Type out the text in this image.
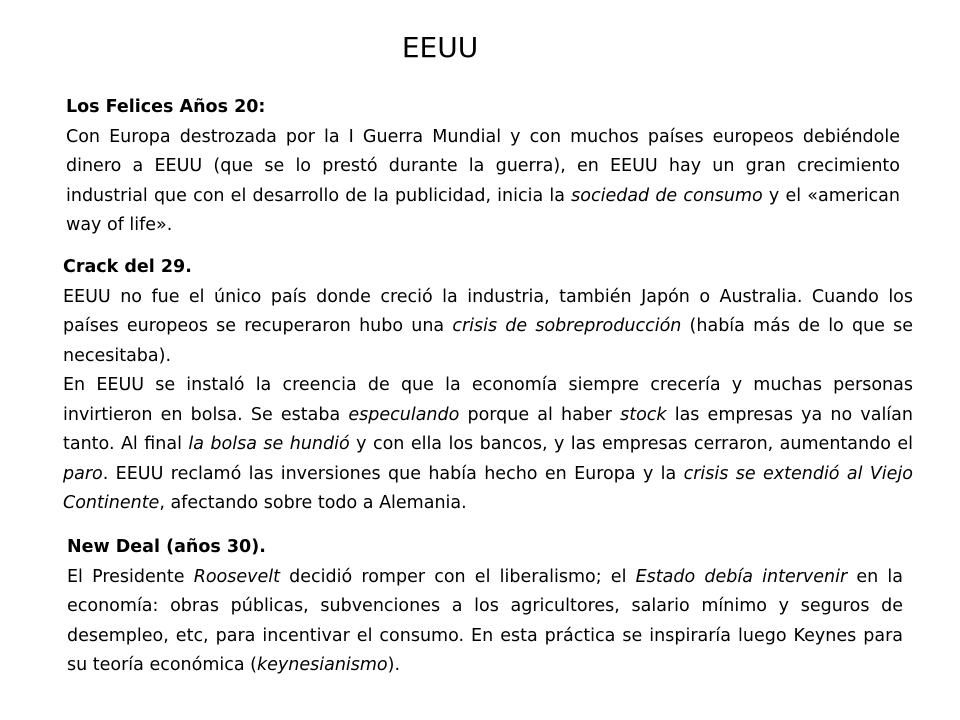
EEUU
Los Felices Años 20:

Con Europa destrozada por la I Guerra Mundial y con muchos países europeos debiéndole dinero a EEUU (que se lo prestó durante la guerra), en EEUU hay un gran crecimiento industrial que con el desarrollo de la publicidad, inicia la sociedad de consumo y el «american way of life».

Crack del 29.

EEUU no fue el único país donde creció la industria, también Japón o Australia. Cuando los países europeos se recuperaron hubo una crisis de sobreproducción (había más de lo que se necesitaba).

En EEUU se instaló la creencia de que la economía siempre crecería y muchas personas invirtieron en bolsa. Se estaba especulando porque al haber stock las empresas ya no valían tanto. Al final la bolsa se hundió y con ella los bancos, y las empresas cerraron, aumentando el paro. EEUU reclamó las inversiones que había hecho en Europa y la crisis se extendió al Viejo Continente, afectando sobre todo a Alemania.

New Deal (años 30).

El Presidente Roosevelt decidió romper con el liberalismo; el Estado debía intervenir en la economía: obras públicas, subvenciones a los agricultores, salario mínimo y seguros de desempleo, etc, para incentivar el consumo. En esta práctica se inspiraría luego Keynes para su teoría económica (keynesianismo).
